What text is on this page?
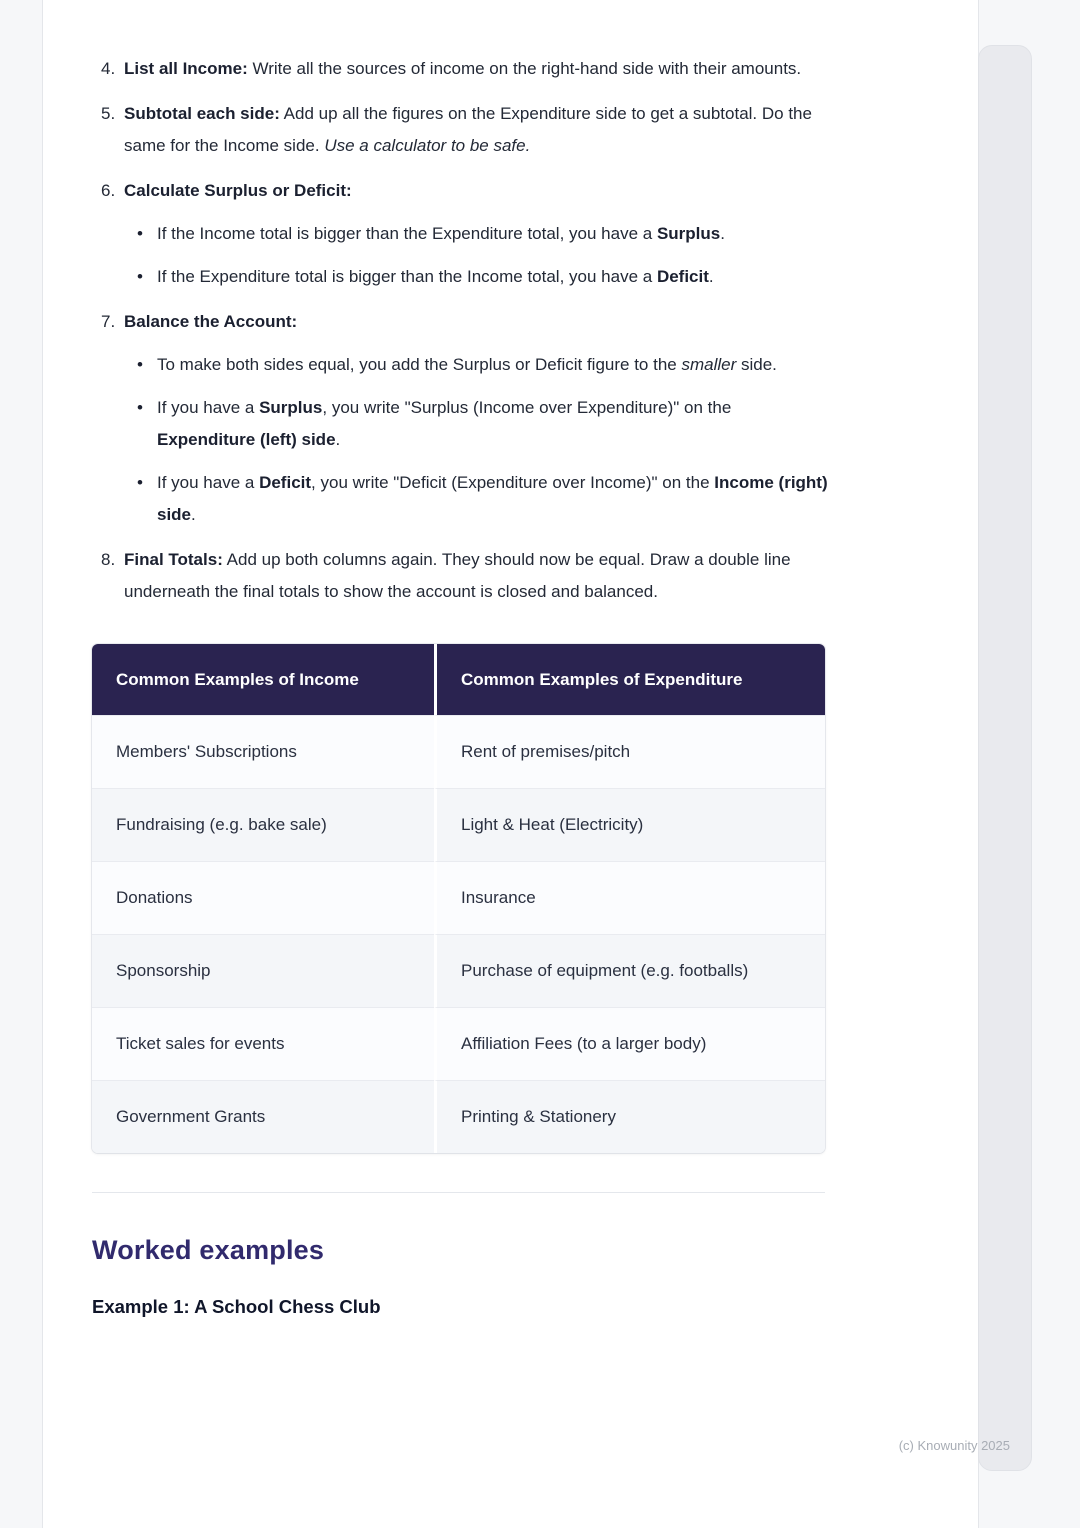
4. List all Income: Write all the sources of income on the right-hand side with their amounts.
5. Subtotal each side: Add up all the figures on the Expenditure side to get a subtotal. Do the same for the Income side. Use a calculator to be safe.
6. Calculate Surplus or Deficit:
• If the Income total is bigger than the Expenditure total, you have a Surplus.
• If the Expenditure total is bigger than the Income total, you have a Deficit.
7. Balance the Account:
• To make both sides equal, you add the Surplus or Deficit figure to the smaller side.
• If you have a Surplus, you write "Surplus (Income over Expenditure)" on the Expenditure (left) side.
• If you have a Deficit, you write "Deficit (Expenditure over Income)" on the Income (right) side.
8. Final Totals: Add up both columns again. They should now be equal. Draw a double line underneath the final totals to show the account is closed and balanced.
Common Examples of Income	Common Examples of Expenditure
Members' Subscriptions	Rent of premises/pitch
Fundraising (e.g. bake sale)	Light & Heat (Electricity)
Donations	Insurance
Sponsorship	Purchase of equipment (e.g. footballs)
Ticket sales for events	Affiliation Fees (to a larger body)
Government Grants	Printing & Stationery
Worked examples
Example 1: A School Chess Club
(c) Knowunity 2025
